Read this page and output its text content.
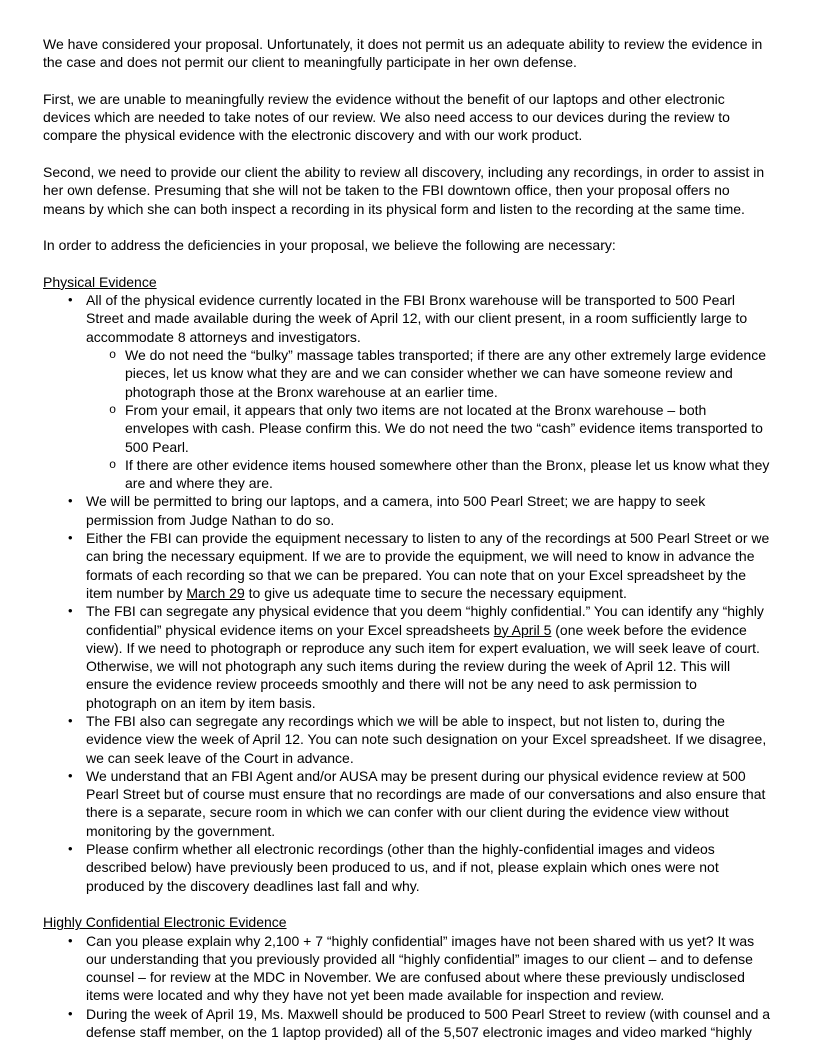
We have considered your proposal. Unfortunately, it does not permit us an adequate ability to review the evidence in the case and does not permit our client to meaningfully participate in her own defense.
First, we are unable to meaningfully review the evidence without the benefit of our laptops and other electronic devices which are needed to take notes of our review. We also need access to our devices during the review to compare the physical evidence with the electronic discovery and with our work product.
Second, we need to provide our client the ability to review all discovery, including any recordings, in order to assist in her own defense. Presuming that she will not be taken to the FBI downtown office, then your proposal offers no means by which she can both inspect a recording in its physical form and listen to the recording at the same time.
In order to address the deficiencies in your proposal, we believe the following are necessary:
Physical Evidence
• All of the physical evidence currently located in the FBI Bronx warehouse will be transported to 500 Pearl Street and made available during the week of April 12, with our client present, in a room sufficiently large to accommodate 8 attorneys and investigators.
o We do not need the “bulky” massage tables transported; if there are any other extremely large evidence pieces, let us know what they are and we can consider whether we can have someone review and photograph those at the Bronx warehouse at an earlier time.
o From your email, it appears that only two items are not located at the Bronx warehouse – both envelopes with cash. Please confirm this. We do not need the two “cash” evidence items transported to 500 Pearl.
o If there are other evidence items housed somewhere other than the Bronx, please let us know what they are and where they are.
• We will be permitted to bring our laptops, and a camera, into 500 Pearl Street; we are happy to seek permission from Judge Nathan to do so.
• Either the FBI can provide the equipment necessary to listen to any of the recordings at 500 Pearl Street or we can bring the necessary equipment. If we are to provide the equipment, we will need to know in advance the formats of each recording so that we can be prepared. You can note that on your Excel spreadsheet by the item number by March 29 to give us adequate time to secure the necessary equipment.
• The FBI can segregate any physical evidence that you deem “highly confidential.” You can identify any “highly confidential” physical evidence items on your Excel spreadsheets by April 5 (one week before the evidence view). If we need to photograph or reproduce any such item for expert evaluation, we will seek leave of court. Otherwise, we will not photograph any such items during the review during the week of April 12. This will ensure the evidence review proceeds smoothly and there will not be any need to ask permission to photograph on an item by item basis.
• The FBI also can segregate any recordings which we will be able to inspect, but not listen to, during the evidence view the week of April 12. You can note such designation on your Excel spreadsheet. If we disagree, we can seek leave of the Court in advance.
• We understand that an FBI Agent and/or AUSA may be present during our physical evidence review at 500 Pearl Street but of course must ensure that no recordings are made of our conversations and also ensure that there is a separate, secure room in which we can confer with our client during the evidence view without monitoring by the government.
• Please confirm whether all electronic recordings (other than the highly-confidential images and videos described below) have previously been produced to us, and if not, please explain which ones were not produced by the discovery deadlines last fall and why.
Highly Confidential Electronic Evidence
• Can you please explain why 2,100 + 7 “highly confidential” images have not been shared with us yet? It was our understanding that you previously provided all “highly confidential” images to our client – and to defense counsel – for review at the MDC in November. We are confused about where these previously undisclosed items were located and why they have not yet been made available for inspection and review.
• During the week of April 19, Ms. Maxwell should be produced to 500 Pearl Street to review (with counsel and a defense staff member, on the 1 laptop provided) all of the 5,507 electronic images and video marked “highly
